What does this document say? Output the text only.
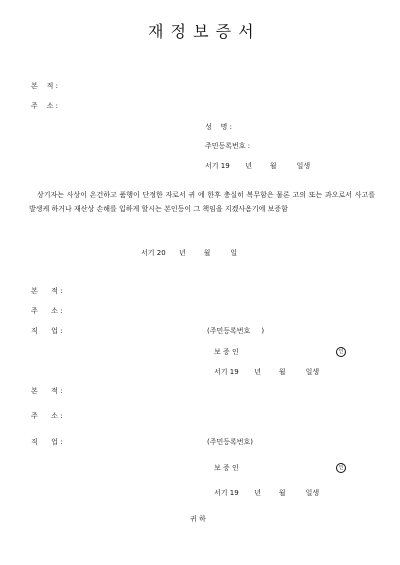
재 정 보 증 서
본    적 :
주    소 :
성    명 :
주민등록번호 :
서기 19       년        월         일생
상기자는 사상이 온건하고 품행이 단정한 자로서 귀 에 한후 충실히 복무함은 물론 고의 또는 과오로서 사고를 발생케 하거나 재산상 손해를 입하게 할시는 본인등이 그 책임을 지겠사옴기에 보증함
서기 20      년        월         일
본      적 :
주      소 :
직      업 :	(주민등록번호     )
보 증 인	인
서기 19       년        월         일생
본      적 :
주      소 :
직      업 :	(주민등록번호)
보 증 인	인
서기 19       년        월         일생
귀 하
